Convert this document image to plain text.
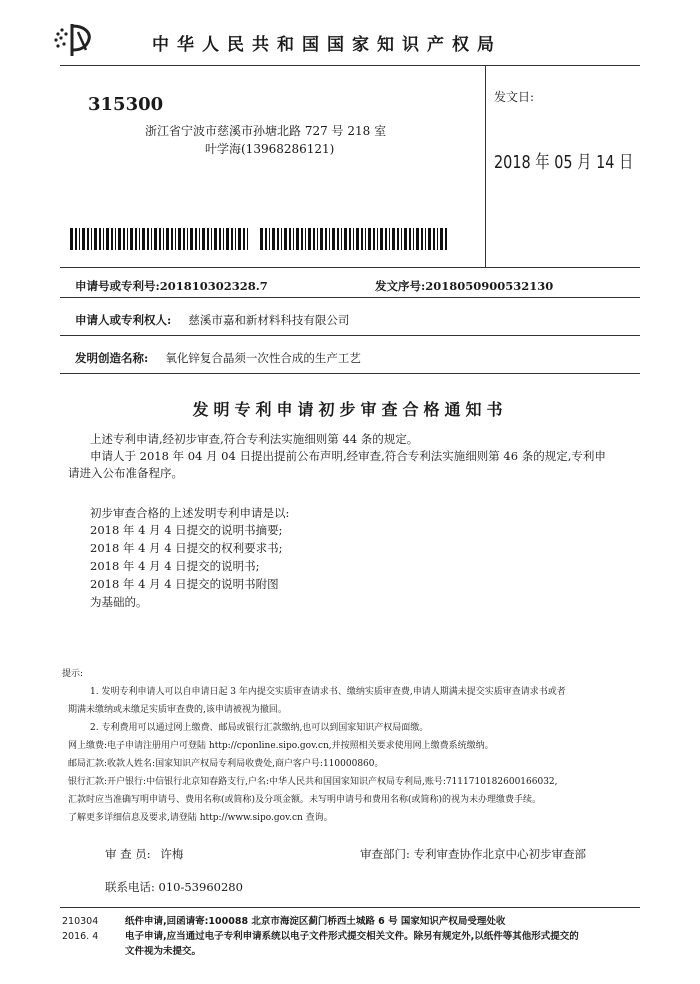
中华人民共和国国家知识产权局
315300
浙江省宁波市慈溪市孙塘北路 727 号 218 室
叶学海(13968286121)
发文日:
2018 年 05 月 14 日
申请号或专利号:201810302328.7	发文序号:2018050900532130
申请人或专利权人: 慈溪市嘉和新材料科技有限公司
发明创造名称: 氧化锌复合晶须一次性合成的生产工艺
发明专利申请初步审查合格通知书
上述专利申请,经初步审查,符合专利法实施细则第 44 条的规定。
申请人于 2018 年 04 月 04 日提出提前公布声明,经审查,符合专利法实施细则第 46 条的规定,专利申
请进入公布准备程序。
初步审查合格的上述发明专利申请是以:
2018 年 4 月 4 日提交的说明书摘要;
2018 年 4 月 4 日提交的权利要求书;
2018 年 4 月 4 日提交的说明书;
2018 年 4 月 4 日提交的说明书附图
为基础的。
提示:
1. 发明专利申请人可以自申请日起 3 年内提交实质审查请求书、缴纳实质审查费,申请人期满未提交实质审查请求书或者
期满未缴纳或未缴足实质审查费的,该申请被视为撤回。
2. 专利费用可以通过网上缴费、邮局或银行汇款缴纳,也可以到国家知识产权局面缴。
网上缴费:电子申请注册用户可登陆 http://cponline.sipo.gov.cn,并按照相关要求使用网上缴费系统缴纳。
邮局汇款:收款人姓名:国家知识产权局专利局收费处,商户客户号:110000860。
银行汇款:开户银行:中信银行北京知春路支行,户名:中华人民共和国国家知识产权局专利局,账号:7111710182600166032,
汇款时应当准确写明申请号、费用名称(或简称)及分项金额。未写明申请号和费用名称(或简称)的视为未办理缴费手续。
了解更多详细信息及要求,请登陆 http://www.sipo.gov.cn 查询。
审 查 员: 许梅	审查部门: 专利审查协作北京中心初步审查部
联系电话: 010-53960280
210304
2016. 4
纸件申请,回函请寄:100088 北京市海淀区蓟门桥西土城路 6 号 国家知识产权局受理处收
电子申请,应当通过电子专利申请系统以电子文件形式提交相关文件。除另有规定外,以纸件等其他形式提交的
文件视为未提交。
